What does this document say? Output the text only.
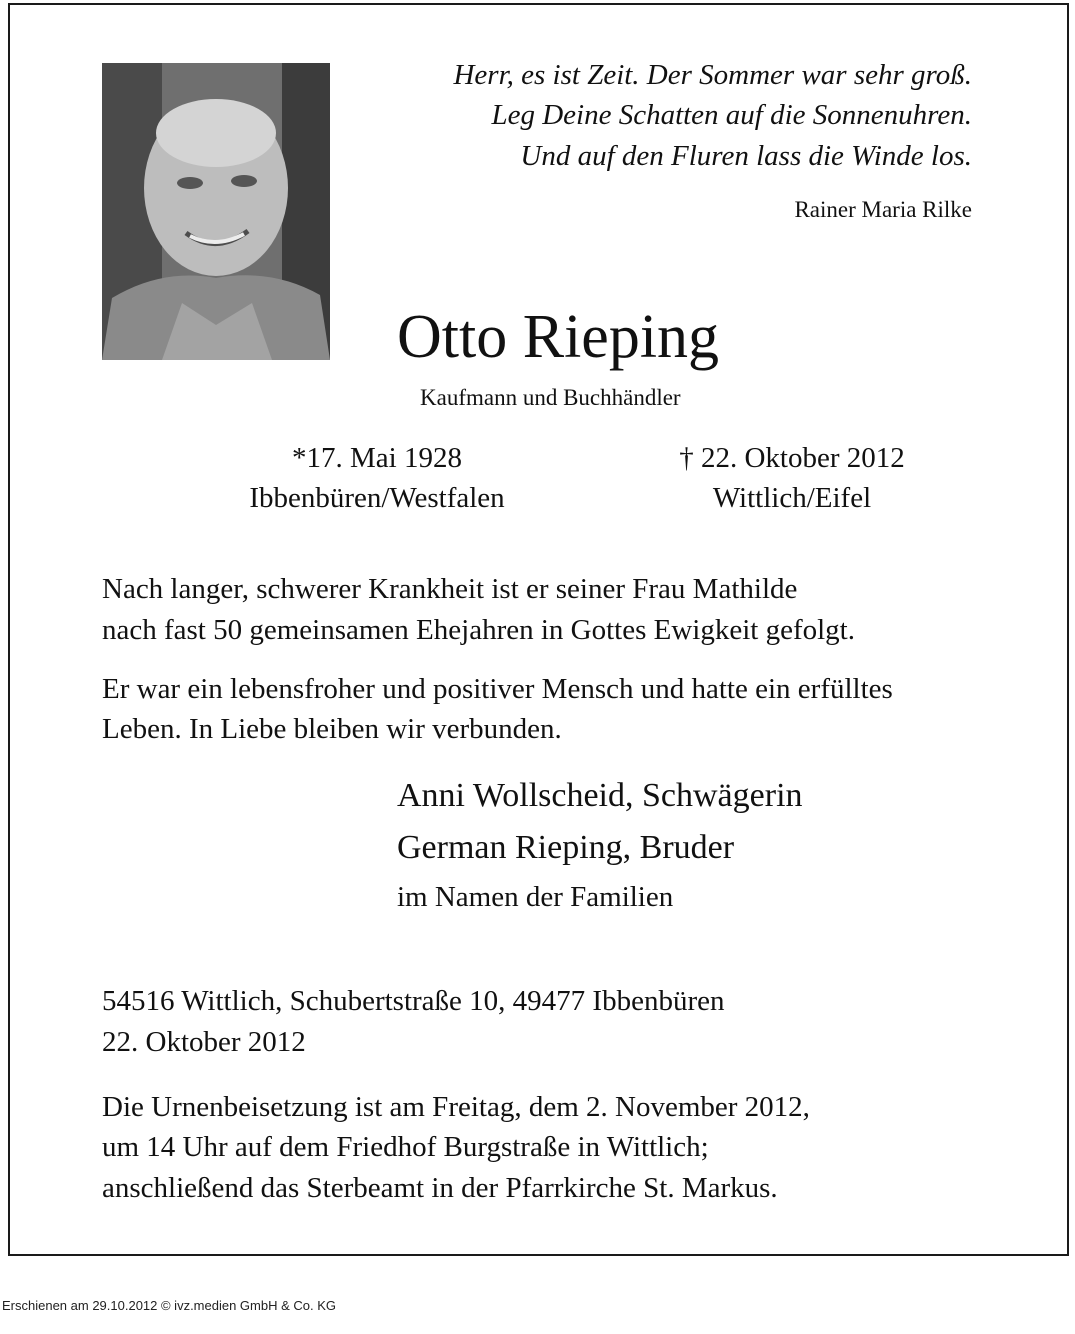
Herr, es ist Zeit. Der Sommer war sehr groß.
Leg Deine Schatten auf die Sonnenuhren.
Und auf den Fluren lass die Winde los.
Rainer Maria Rilke
Otto Rieping
Kaufmann und Buchhändler
*17. Mai 1928
Ibbenbüren/Westfalen
† 22. Oktober 2012
Wittlich/Eifel
Nach langer, schwerer Krankheit ist er seiner Frau Mathilde
nach fast 50 gemeinsamen Ehejahren in Gottes Ewigkeit gefolgt.
Er war ein lebensfroher und positiver Mensch und hatte ein erfülltes
Leben. In Liebe bleiben wir verbunden.
Anni Wollscheid, Schwägerin
German Rieping, Bruder
im Namen der Familien
54516 Wittlich, Schubertstraße 10, 49477 Ibbenbüren
22. Oktober 2012
Die Urnenbeisetzung ist am Freitag, dem 2. November 2012,
um 14 Uhr auf dem Friedhof Burgstraße in Wittlich;
anschließend das Sterbeamt in der Pfarrkirche St. Markus.
Erschienen am 29.10.2012 © ivz.medien GmbH & Co. KG
